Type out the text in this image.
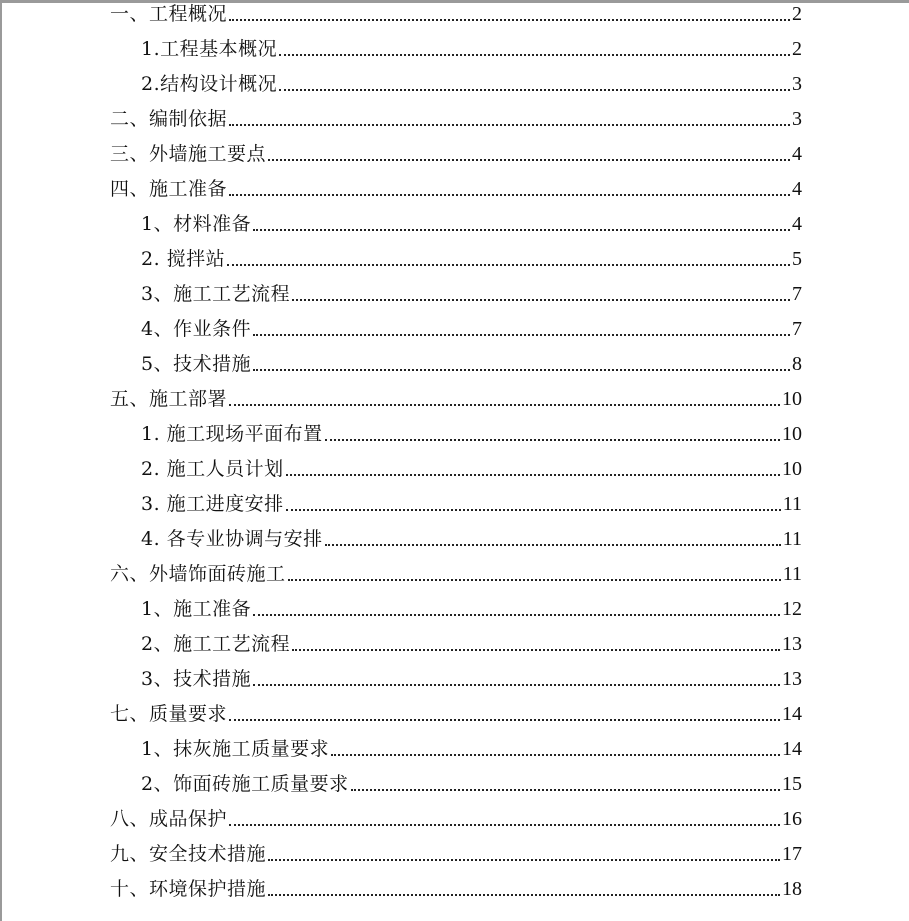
一、工程概况	2
1.工程基本概况	2
2.结构设计概况	3
二、编制依据	3
三、外墙施工要点	4
四、施工准备	4
1、材料准备	4
2. 搅拌站	5
3、施工工艺流程	7
4、作业条件	7
5、技术措施	8
五、施工部署	10
1. 施工现场平面布置	10
2. 施工人员计划	10
3. 施工进度安排	11
4. 各专业协调与安排	11
六、外墙饰面砖施工	11
1、施工准备	12
2、施工工艺流程	13
3、技术措施	13
七、质量要求	14
1、抹灰施工质量要求	14
2、饰面砖施工质量要求	15
八、成品保护	16
九、安全技术措施	17
十、环境保护措施	18
